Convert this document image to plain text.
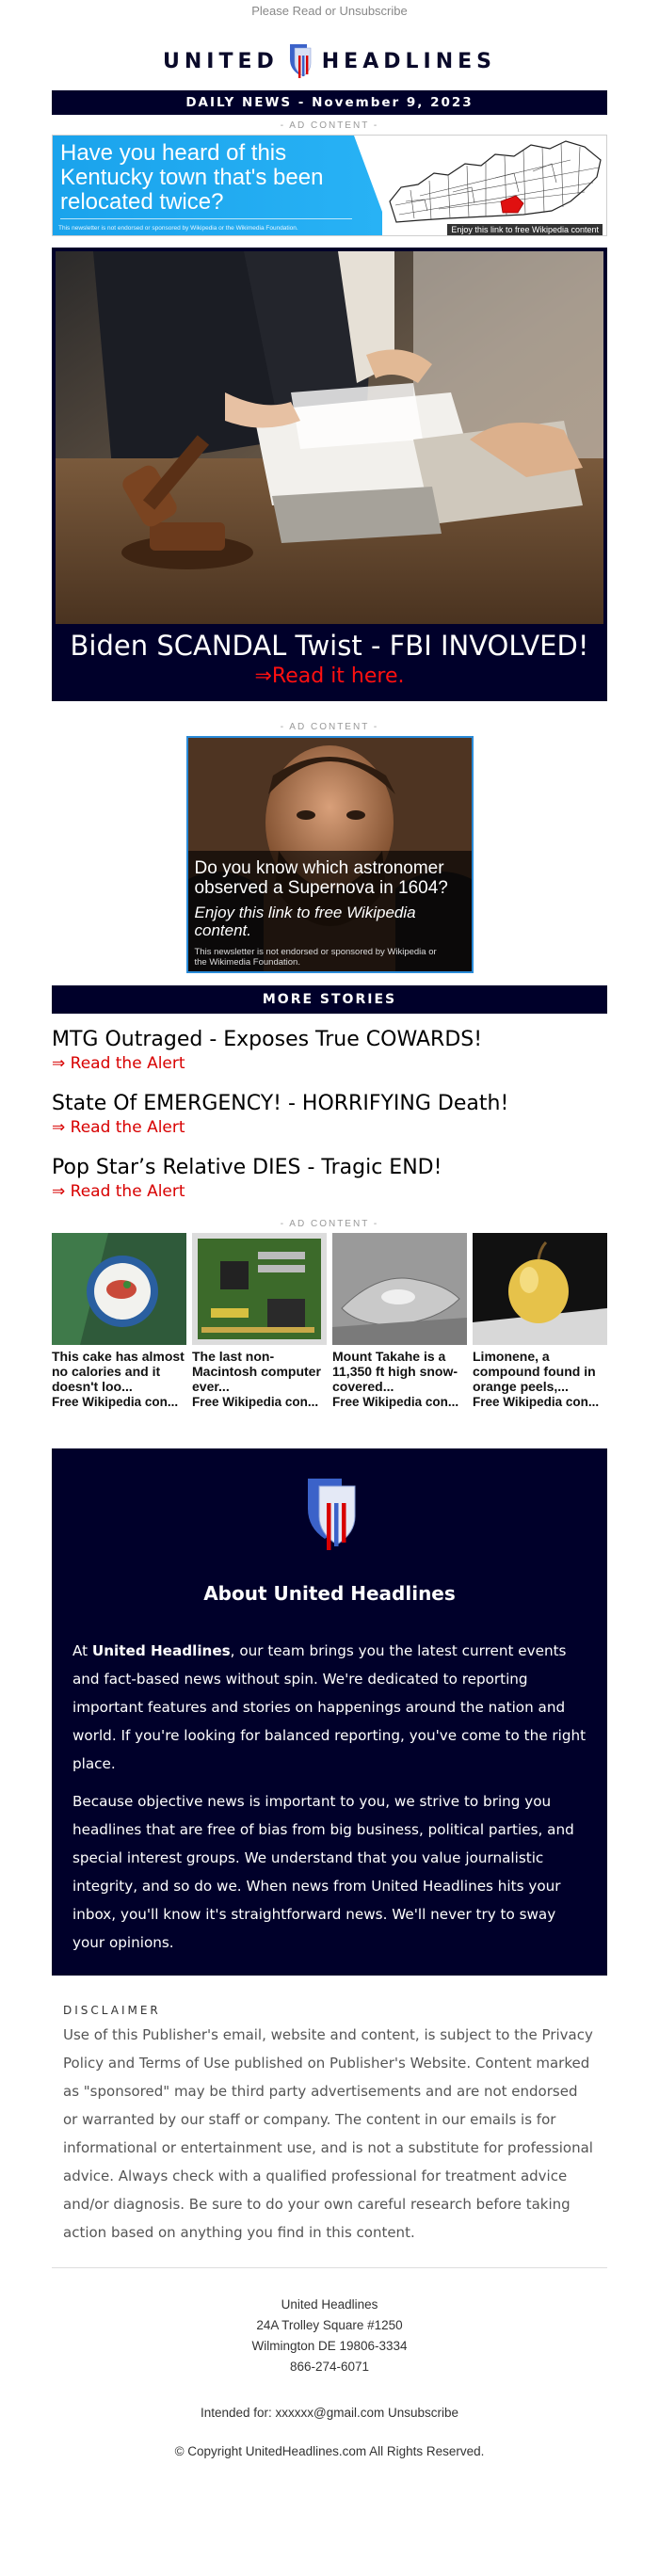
Please Read or Unsubscribe
UNITED HEADLINES
DAILY NEWS - November 9, 2023
- AD CONTENT -
Have you heard of this Kentucky town that's been relocated twice?
This newsletter is not endorsed or sponsored by Wikipedia or the Wikimedia Foundation.	Enjoy this link to free Wikipedia content
Biden SCANDAL Twist - FBI INVOLVED!
⇒Read it here.
- AD CONTENT -
Do you know which astronomer observed a Supernova in 1604?
Enjoy this link to free Wikipedia content.
This newsletter is not endorsed or sponsored by Wikipedia or the Wikimedia Foundation.
MORE STORIES
MTG Outraged - Exposes True COWARDS!
⇒ Read the Alert
State Of EMERGENCY! - HORRIFYING Death!
⇒ Read the Alert
Pop Star’s Relative DIES - Tragic END!
⇒ Read the Alert
- AD CONTENT -
This cake has almost no calories and it doesn't loo...
Free Wikipedia con...
The last non-Macintosh computer ever...
Free Wikipedia con...
Mount Takahe is a 11,350 ft high snow-covered...
Free Wikipedia con...
Limonene, a compound found in orange peels,...
Free Wikipedia con...
About United Headlines
At United Headlines, our team brings you the latest current events and fact-based news without spin. We're dedicated to reporting important features and stories on happenings around the nation and world. If you're looking for balanced reporting, you've come to the right place.
Because objective news is important to you, we strive to bring you headlines that are free of bias from big business, political parties, and special interest groups. We understand that you value journalistic integrity, and so do we. When news from United Headlines hits your inbox, you'll know it's straightforward news. We'll never try to sway your opinions.
DISCLAIMER
Use of this Publisher's email, website and content, is subject to the Privacy Policy and Terms of Use published on Publisher's Website. Content marked as "sponsored" may be third party advertisements and are not endorsed or warranted by our staff or company. The content in our emails is for informational or entertainment use, and is not a substitute for professional advice. Always check with a qualified professional for treatment advice and/or diagnosis. Be sure to do your own careful research before taking action based on anything you find in this content.
United Headlines
24A Trolley Square #1250
Wilmington DE 19806-3334
866-274-6071
Intended for: xxxxxx@gmail.com Unsubscribe
© Copyright UnitedHeadlines.com All Rights Reserved.
